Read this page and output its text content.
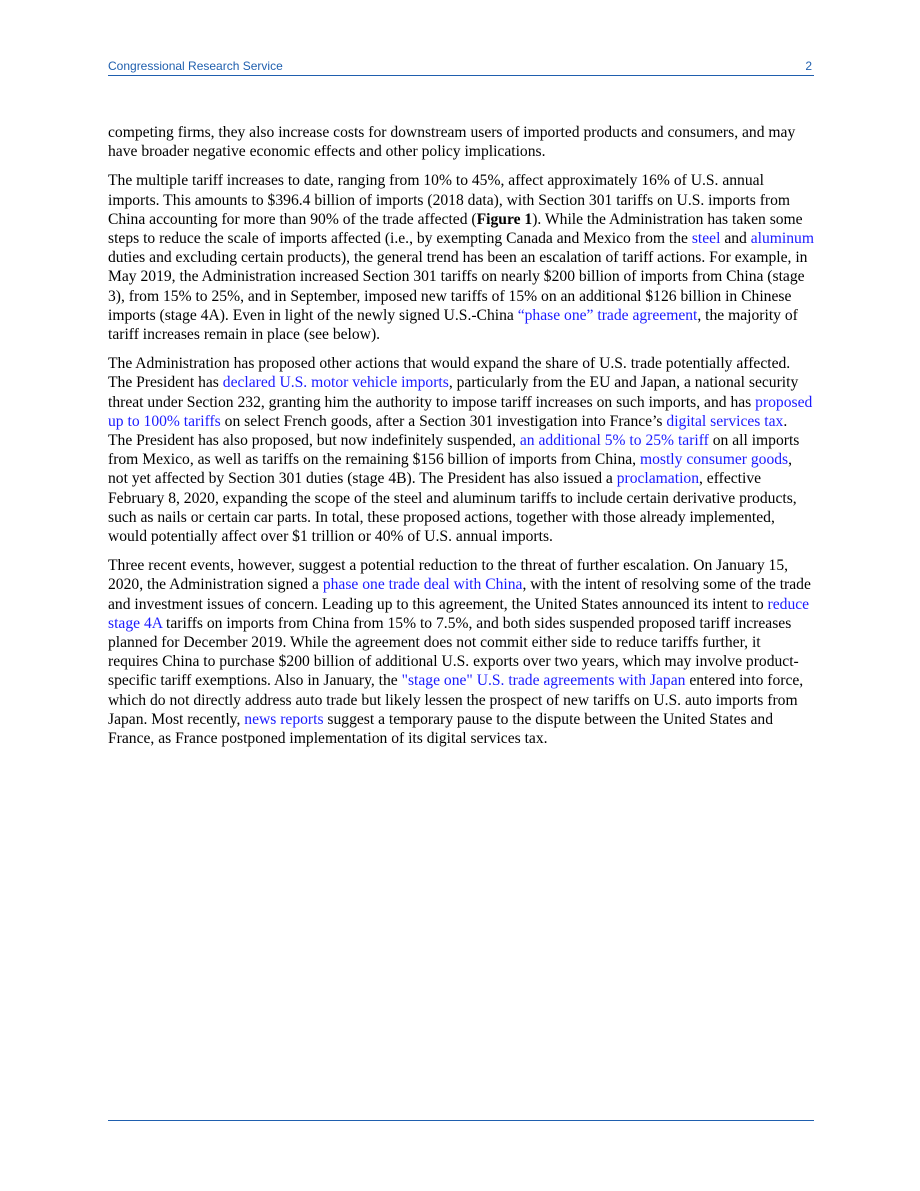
Congressional Research Service	2

competing firms, they also increase costs for downstream users of imported products and consumers, and may have broader negative economic effects and other policy implications.

The multiple tariff increases to date, ranging from 10% to 45%, affect approximately 16% of U.S. annual imports. This amounts to $396.4 billion of imports (2018 data), with Section 301 tariffs on U.S. imports from China accounting for more than 90% of the trade affected (Figure 1). While the Administration has taken some steps to reduce the scale of imports affected (i.e., by exempting Canada and Mexico from the steel and aluminum duties and excluding certain products), the general trend has been an escalation of tariff actions. For example, in May 2019, the Administration increased Section 301 tariffs on nearly $200 billion of imports from China (stage 3), from 15% to 25%, and in September, imposed new tariffs of 15% on an additional $126 billion in Chinese imports (stage 4A). Even in light of the newly signed U.S.-China “phase one” trade agreement, the majority of tariff increases remain in place (see below).

The Administration has proposed other actions that would expand the share of U.S. trade potentially affected. The President has declared U.S. motor vehicle imports, particularly from the EU and Japan, a national security threat under Section 232, granting him the authority to impose tariff increases on such imports, and has proposed up to 100% tariffs on select French goods, after a Section 301 investigation into France’s digital services tax. The President has also proposed, but now indefinitely suspended, an additional 5% to 25% tariff on all imports from Mexico, as well as tariffs on the remaining $156 billion of imports from China, mostly consumer goods, not yet affected by Section 301 duties (stage 4B). The President has also issued a proclamation, effective February 8, 2020, expanding the scope of the steel and aluminum tariffs to include certain derivative products, such as nails or certain car parts. In total, these proposed actions, together with those already implemented, would potentially affect over $1 trillion or 40% of U.S. annual imports.

Three recent events, however, suggest a potential reduction to the threat of further escalation. On January 15, 2020, the Administration signed a phase one trade deal with China, with the intent of resolving some of the trade and investment issues of concern. Leading up to this agreement, the United States announced its intent to reduce stage 4A tariffs on imports from China from 15% to 7.5%, and both sides suspended proposed tariff increases planned for December 2019. While the agreement does not commit either side to reduce tariffs further, it requires China to purchase $200 billion of additional U.S. exports over two years, which may involve product-specific tariff exemptions. Also in January, the "stage one" U.S. trade agreements with Japan entered into force, which do not directly address auto trade but likely lessen the prospect of new tariffs on U.S. auto imports from Japan. Most recently, news reports suggest a temporary pause to the dispute between the United States and France, as France postponed implementation of its digital services tax.
